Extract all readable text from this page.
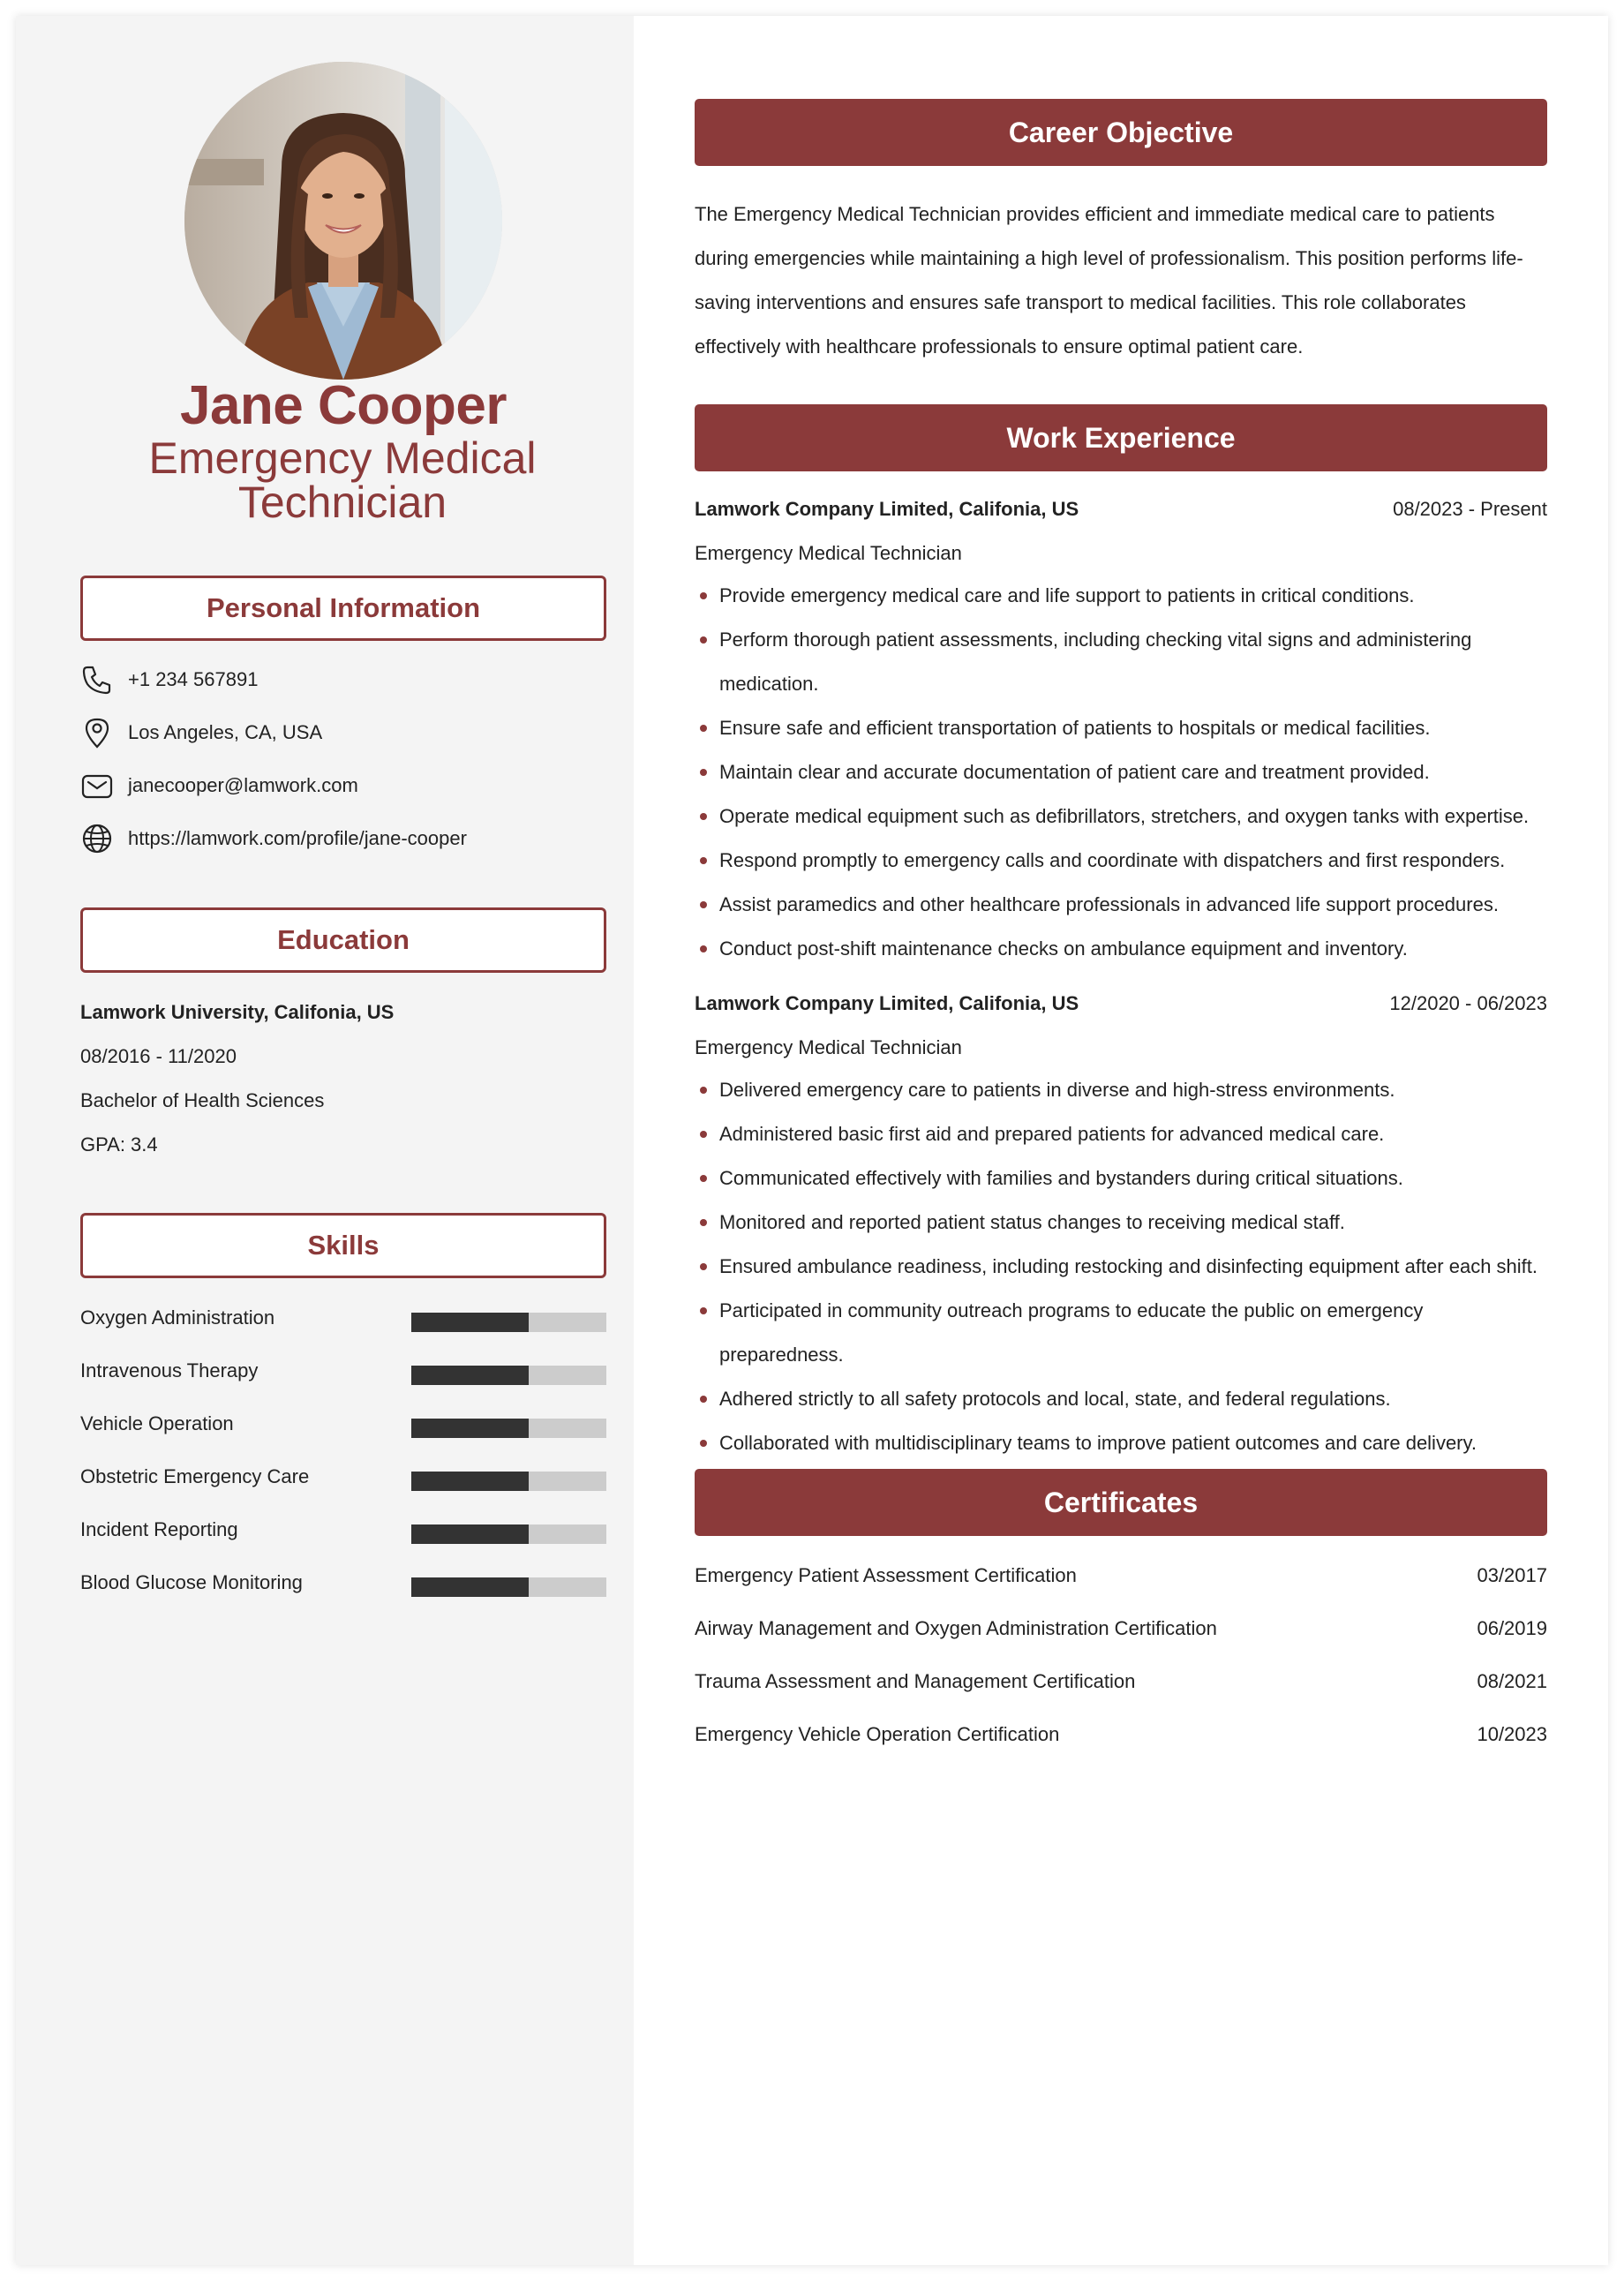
Jane Cooper
Emergency Medical Technician
Personal Information
+1 234 567891
Los Angeles, CA, USA
janecooper@lamwork.com
https://lamwork.com/profile/jane-cooper
Education
Lamwork University, Califonia, US
08/2016 - 11/2020
Bachelor of Health Sciences
GPA: 3.4
Skills
Oxygen Administration
Intravenous Therapy
Vehicle Operation
Obstetric Emergency Care
Incident Reporting
Blood Glucose Monitoring
Career Objective
The Emergency Medical Technician provides efficient and immediate medical care to patients during emergencies while maintaining a high level of professionalism. This position performs life-saving interventions and ensures safe transport to medical facilities. This role collaborates effectively with healthcare professionals to ensure optimal patient care.
Work Experience
Lamwork Company Limited, Califonia, US	08/2023 - Present
Emergency Medical Technician
Provide emergency medical care and life support to patients in critical conditions.
Perform thorough patient assessments, including checking vital signs and administering medication.
Ensure safe and efficient transportation of patients to hospitals or medical facilities.
Maintain clear and accurate documentation of patient care and treatment provided.
Operate medical equipment such as defibrillators, stretchers, and oxygen tanks with expertise.
Respond promptly to emergency calls and coordinate with dispatchers and first responders.
Assist paramedics and other healthcare professionals in advanced life support procedures.
Conduct post-shift maintenance checks on ambulance equipment and inventory.
Lamwork Company Limited, Califonia, US	12/2020 - 06/2023
Emergency Medical Technician
Delivered emergency care to patients in diverse and high-stress environments.
Administered basic first aid and prepared patients for advanced medical care.
Communicated effectively with families and bystanders during critical situations.
Monitored and reported patient status changes to receiving medical staff.
Ensured ambulance readiness, including restocking and disinfecting equipment after each shift.
Participated in community outreach programs to educate the public on emergency preparedness.
Adhered strictly to all safety protocols and local, state, and federal regulations.
Collaborated with multidisciplinary teams to improve patient outcomes and care delivery.
Certificates
Emergency Patient Assessment Certification	03/2017
Airway Management and Oxygen Administration Certification	06/2019
Trauma Assessment and Management Certification	08/2021
Emergency Vehicle Operation Certification	10/2023
